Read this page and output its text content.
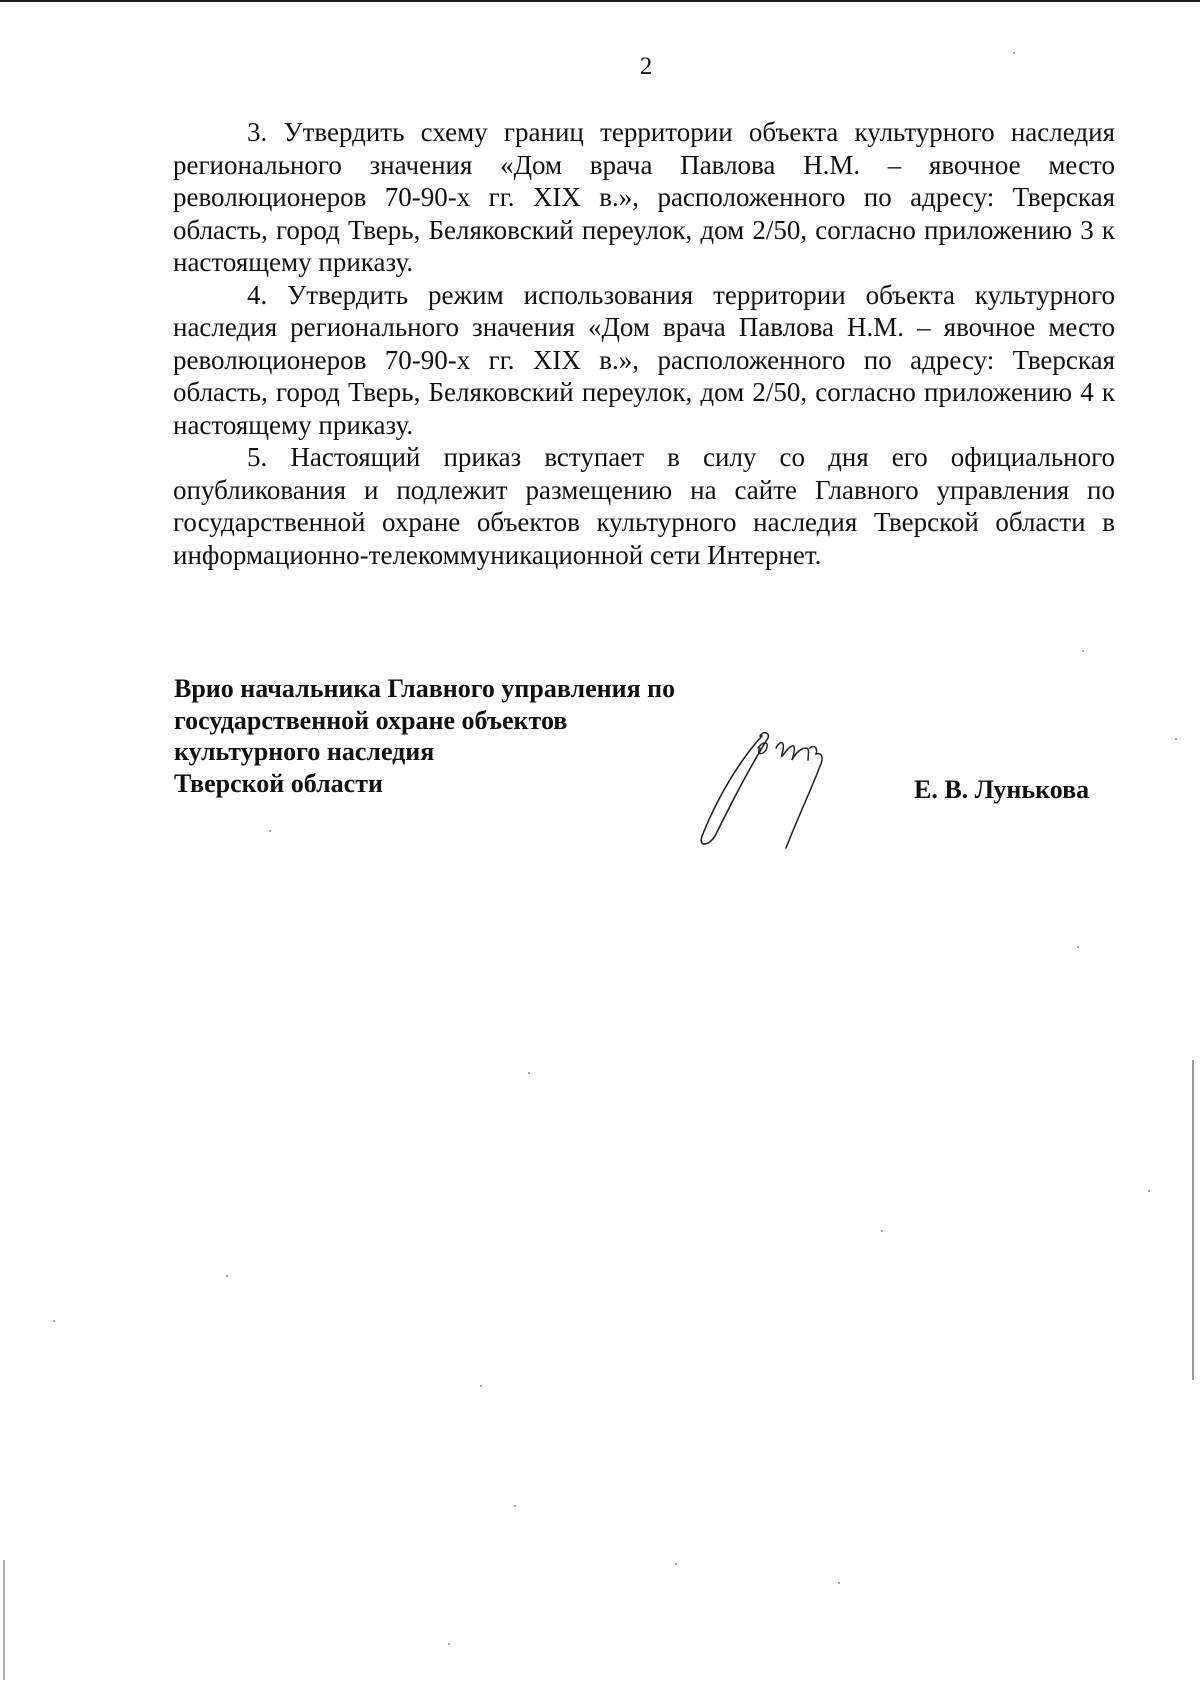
2

3. Утвердить схему границ территории объекта культурного наследия регионального значения «Дом врача Павлова Н.М. – явочное место революционеров 70-90-х гг. XIX в.», расположенного по адресу: Тверская область, город Тверь, Беляковский переулок, дом 2/50, согласно приложению 3 к настоящему приказу.

4. Утвердить режим использования территории объекта культурного наследия регионального значения «Дом врача Павлова Н.М. – явочное место революционеров 70-90-х гг. XIX в.», расположенного по адресу: Тверская область, город Тверь, Беляковский переулок, дом 2/50, согласно приложению 4 к настоящему приказу.

5. Настоящий приказ вступает в силу со дня его официального опубликования и подлежит размещению на сайте Главного управления по государственной охране объектов культурного наследия Тверской области в информационно-телекоммуникационной сети Интернет.

Врио начальника Главного управления по
государственной охране объектов
культурного наследия
Тверской области	Е. В. Лунькова
